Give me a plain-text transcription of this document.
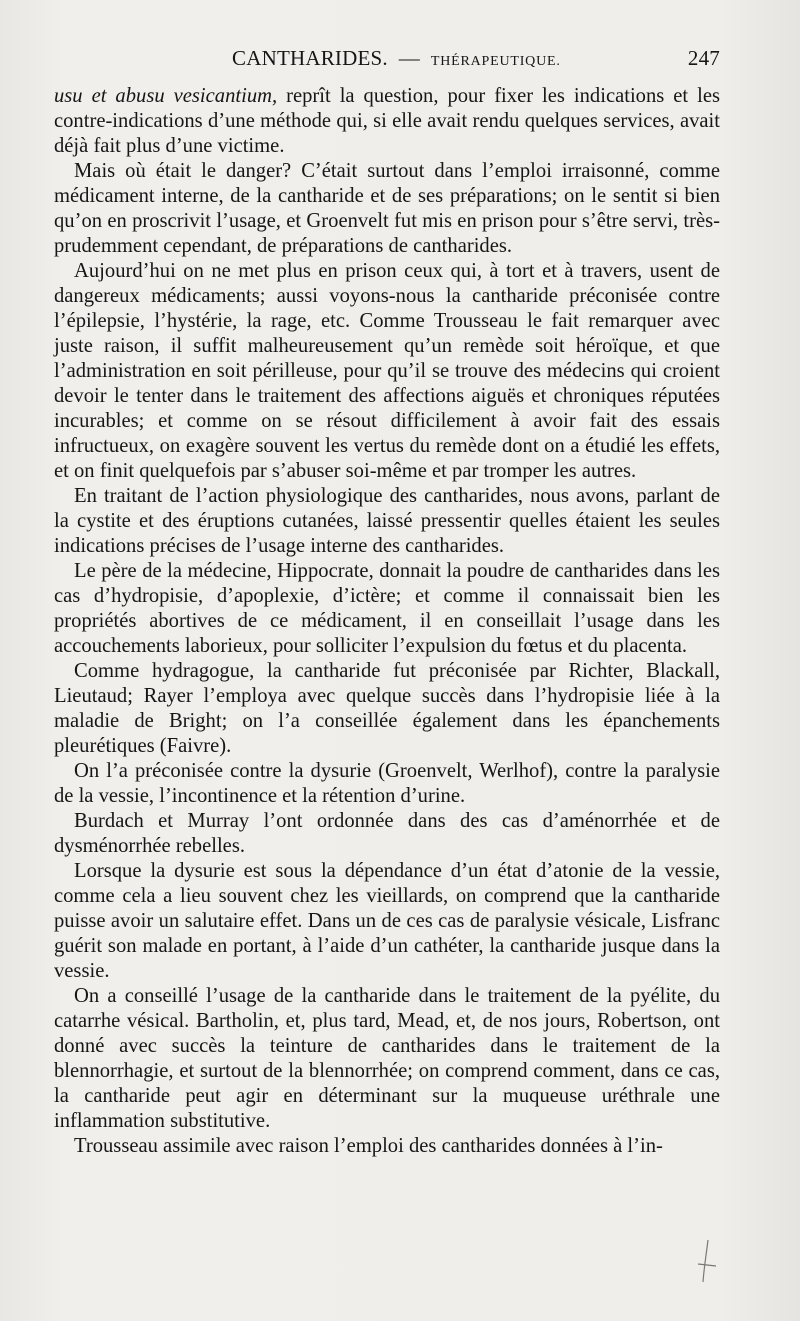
CANTHARIDES. — THÉRAPEUTIQUE.	247

usu et abusu vesicantium, reprît la question, pour fixer les indications et les contre-indications d’une méthode qui, si elle avait rendu quelques services, avait déjà fait plus d’une victime.

Mais où était le danger? C’était surtout dans l’emploi irraisonné, comme médicament interne, de la cantharide et de ses préparations; on le sentit si bien qu’on en proscrivit l’usage, et Groenvelt fut mis en prison pour s’être servi, très-prudemment cependant, de préparations de cantharides.

Aujourd’hui on ne met plus en prison ceux qui, à tort et à travers, usent de dangereux médicaments; aussi voyons-nous la cantharide préconisée contre l’épilepsie, l’hystérie, la rage, etc. Comme Trousseau le fait remarquer avec juste raison, il suffit malheureusement qu’un remède soit héroïque, et que l’administration en soit périlleuse, pour qu’il se trouve des médecins qui croient devoir le tenter dans le traitement des affections aiguës et chroniques réputées incurables; et comme on se résout difficilement à avoir fait des essais infructueux, on exagère souvent les vertus du remède dont on a étudié les effets, et on finit quelquefois par s’abuser soi-même et par tromper les autres.

En traitant de l’action physiologique des cantharides, nous avons, parlant de la cystite et des éruptions cutanées, laissé pressentir quelles étaient les seules indications précises de l’usage interne des cantharides.

Le père de la médecine, Hippocrate, donnait la poudre de cantharides dans les cas d’hydropisie, d’apoplexie, d’ictère; et comme il connaissait bien les propriétés abortives de ce médicament, il en conseillait l’usage dans les accouchements laborieux, pour solliciter l’expulsion du fœtus et du placenta.

Comme hydragogue, la cantharide fut préconisée par Richter, Blackall, Lieutaud; Rayer l’employa avec quelque succès dans l’hydropisie liée à la maladie de Bright; on l’a conseillée également dans les épanchements pleurétiques (Faivre).

On l’a préconisée contre la dysurie (Groenvelt, Werlhof), contre la paralysie de la vessie, l’incontinence et la rétention d’urine.

Burdach et Murray l’ont ordonnée dans des cas d’aménorrhée et de dysménorrhée rebelles.

Lorsque la dysurie est sous la dépendance d’un état d’atonie de la vessie, comme cela a lieu souvent chez les vieillards, on comprend que la cantharide puisse avoir un salutaire effet. Dans un de ces cas de paralysie vésicale, Lisfranc guérit son malade en portant, à l’aide d’un cathéter, la cantharide jusque dans la vessie.

On a conseillé l’usage de la cantharide dans le traitement de la pyélite, du catarrhe vésical. Bartholin, et, plus tard, Mead, et, de nos jours, Robertson, ont donné avec succès la teinture de cantharides dans le traitement de la blennorrhagie, et surtout de la blennorrhée; on comprend comment, dans ce cas, la cantharide peut agir en déterminant sur la muqueuse uréthrale une inflammation substitutive.

Trousseau assimile avec raison l’emploi des cantharides données à l’in-
